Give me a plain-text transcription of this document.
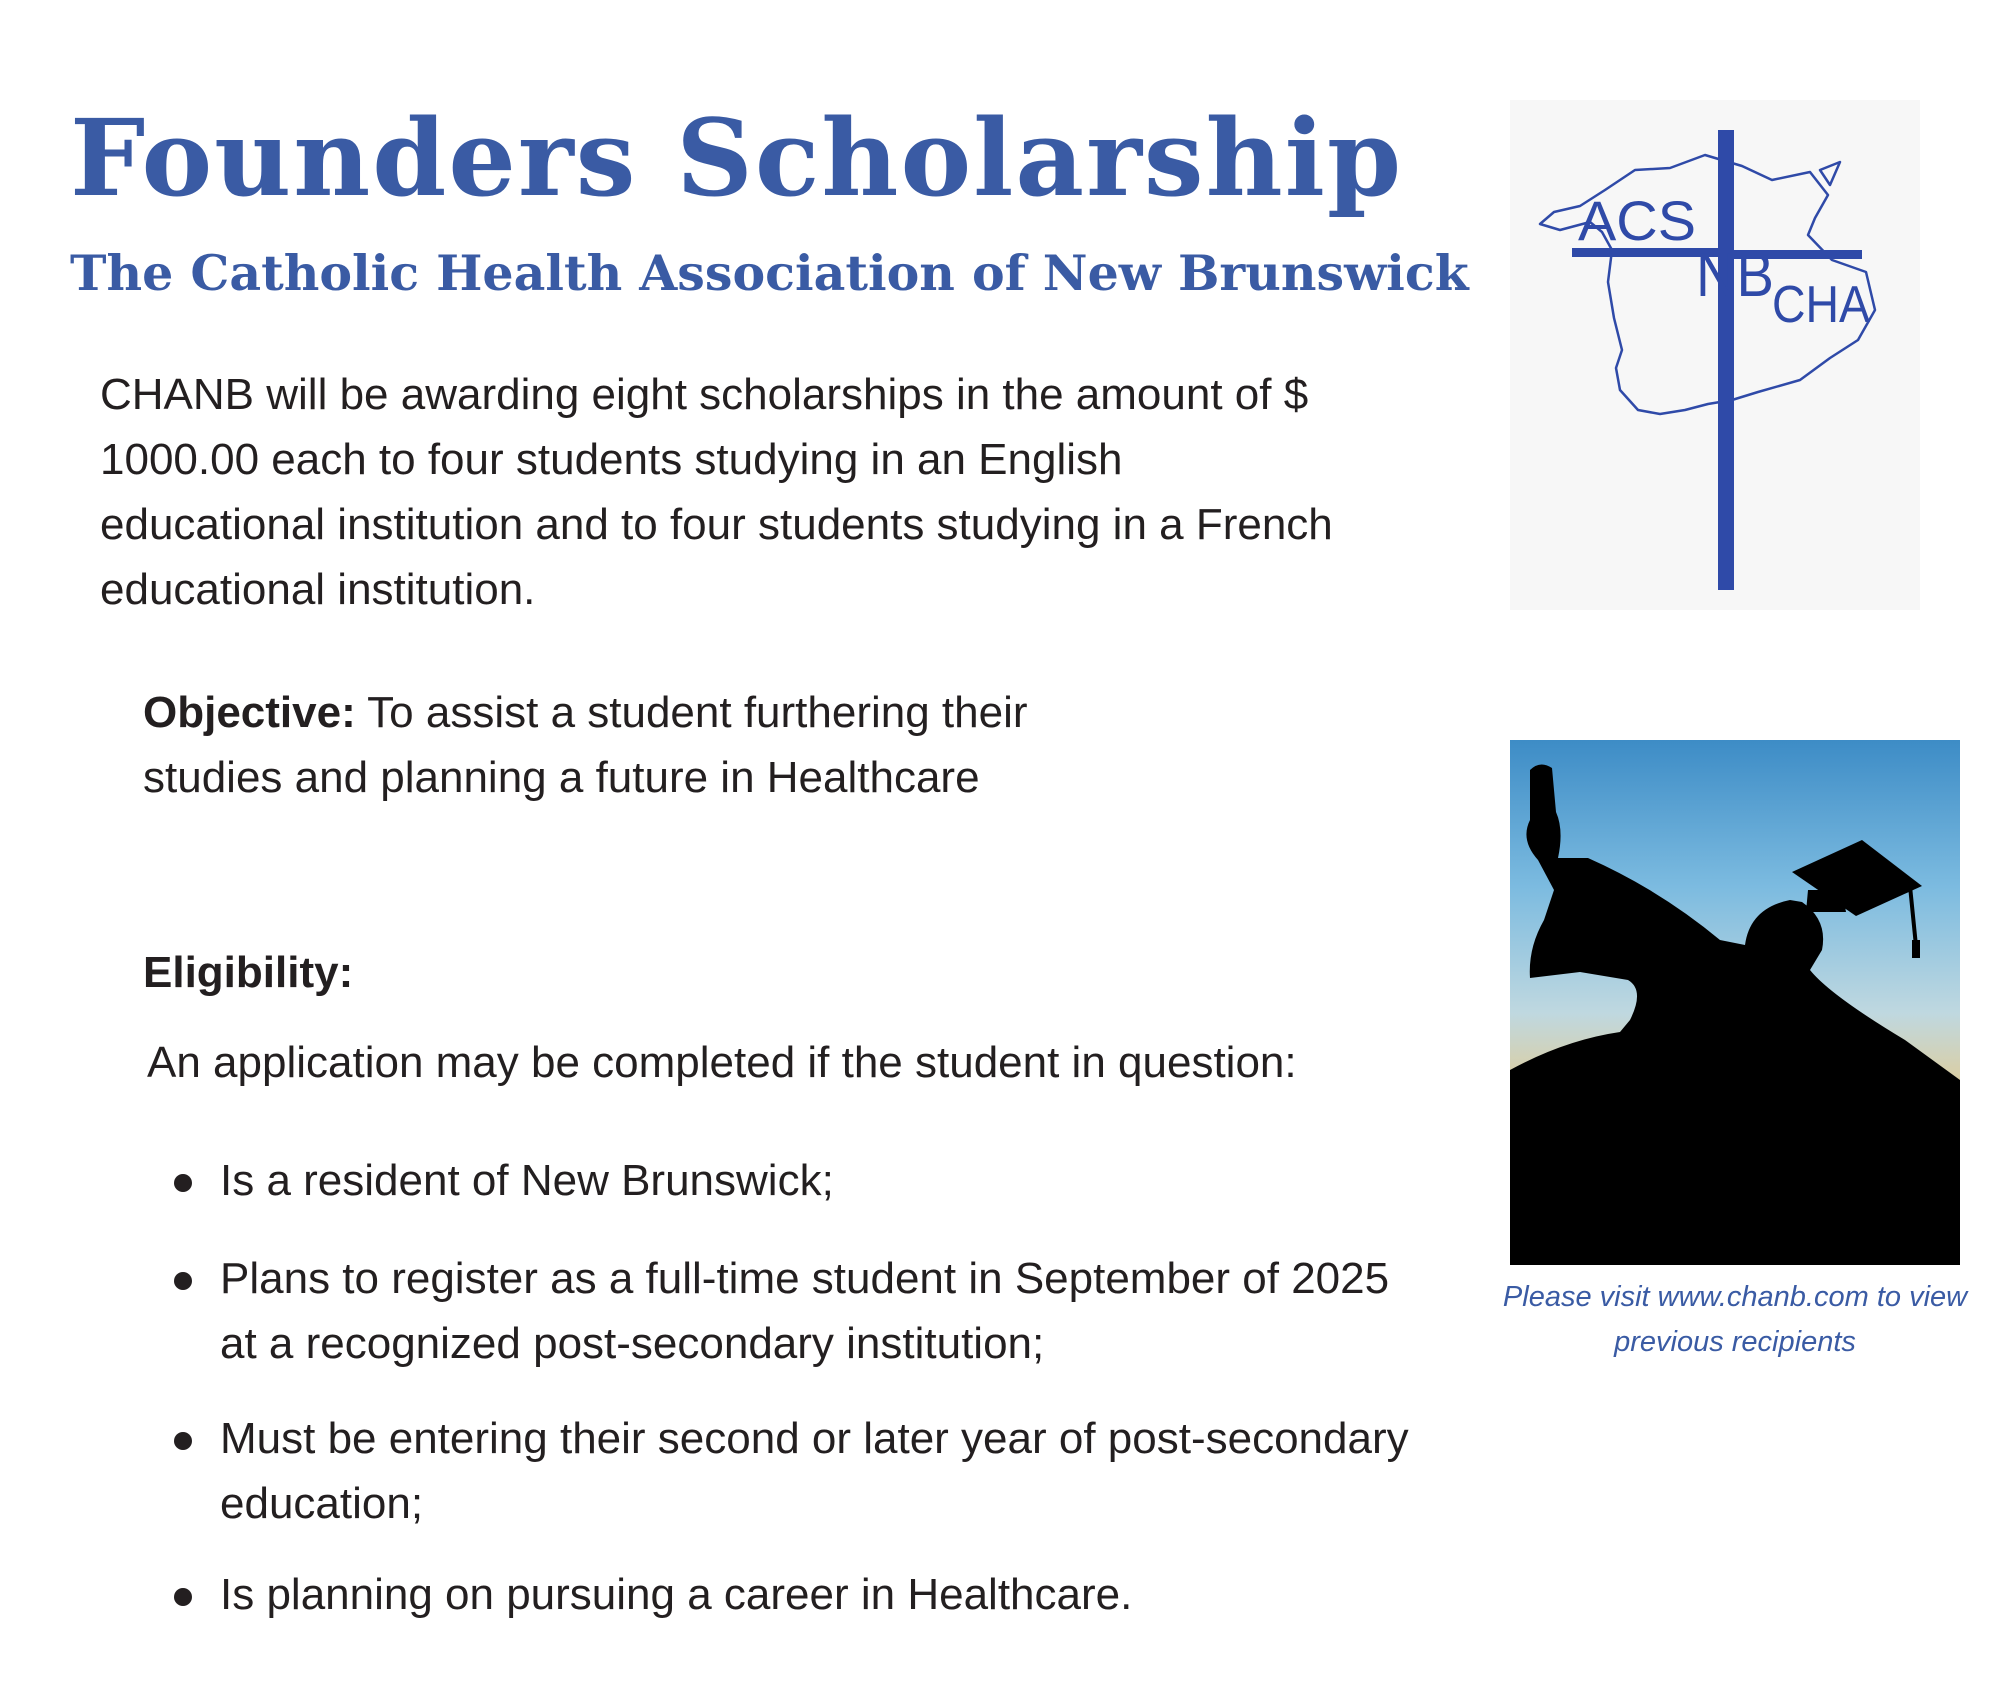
Founders Scholarship
The Catholic Health Association of New Brunswick

CHANB will be awarding eight scholarships in the amount of $ 1000.00 each to four students studying in an English educational institution and to four students studying in a French educational institution.

Objective: To assist a student furthering their studies and planning a future in Healthcare

Eligibility:

An application may be completed if the student in question:

Is a resident of New Brunswick;
Plans to register as a full-time student in September of 2025 at a recognized post-secondary institution;
Must be entering their second or later year of post-secondary education;
Is planning on pursuing a career in Healthcare.
ACS
NB
CHA

Please visit www.chanb.com to view previous recipients
